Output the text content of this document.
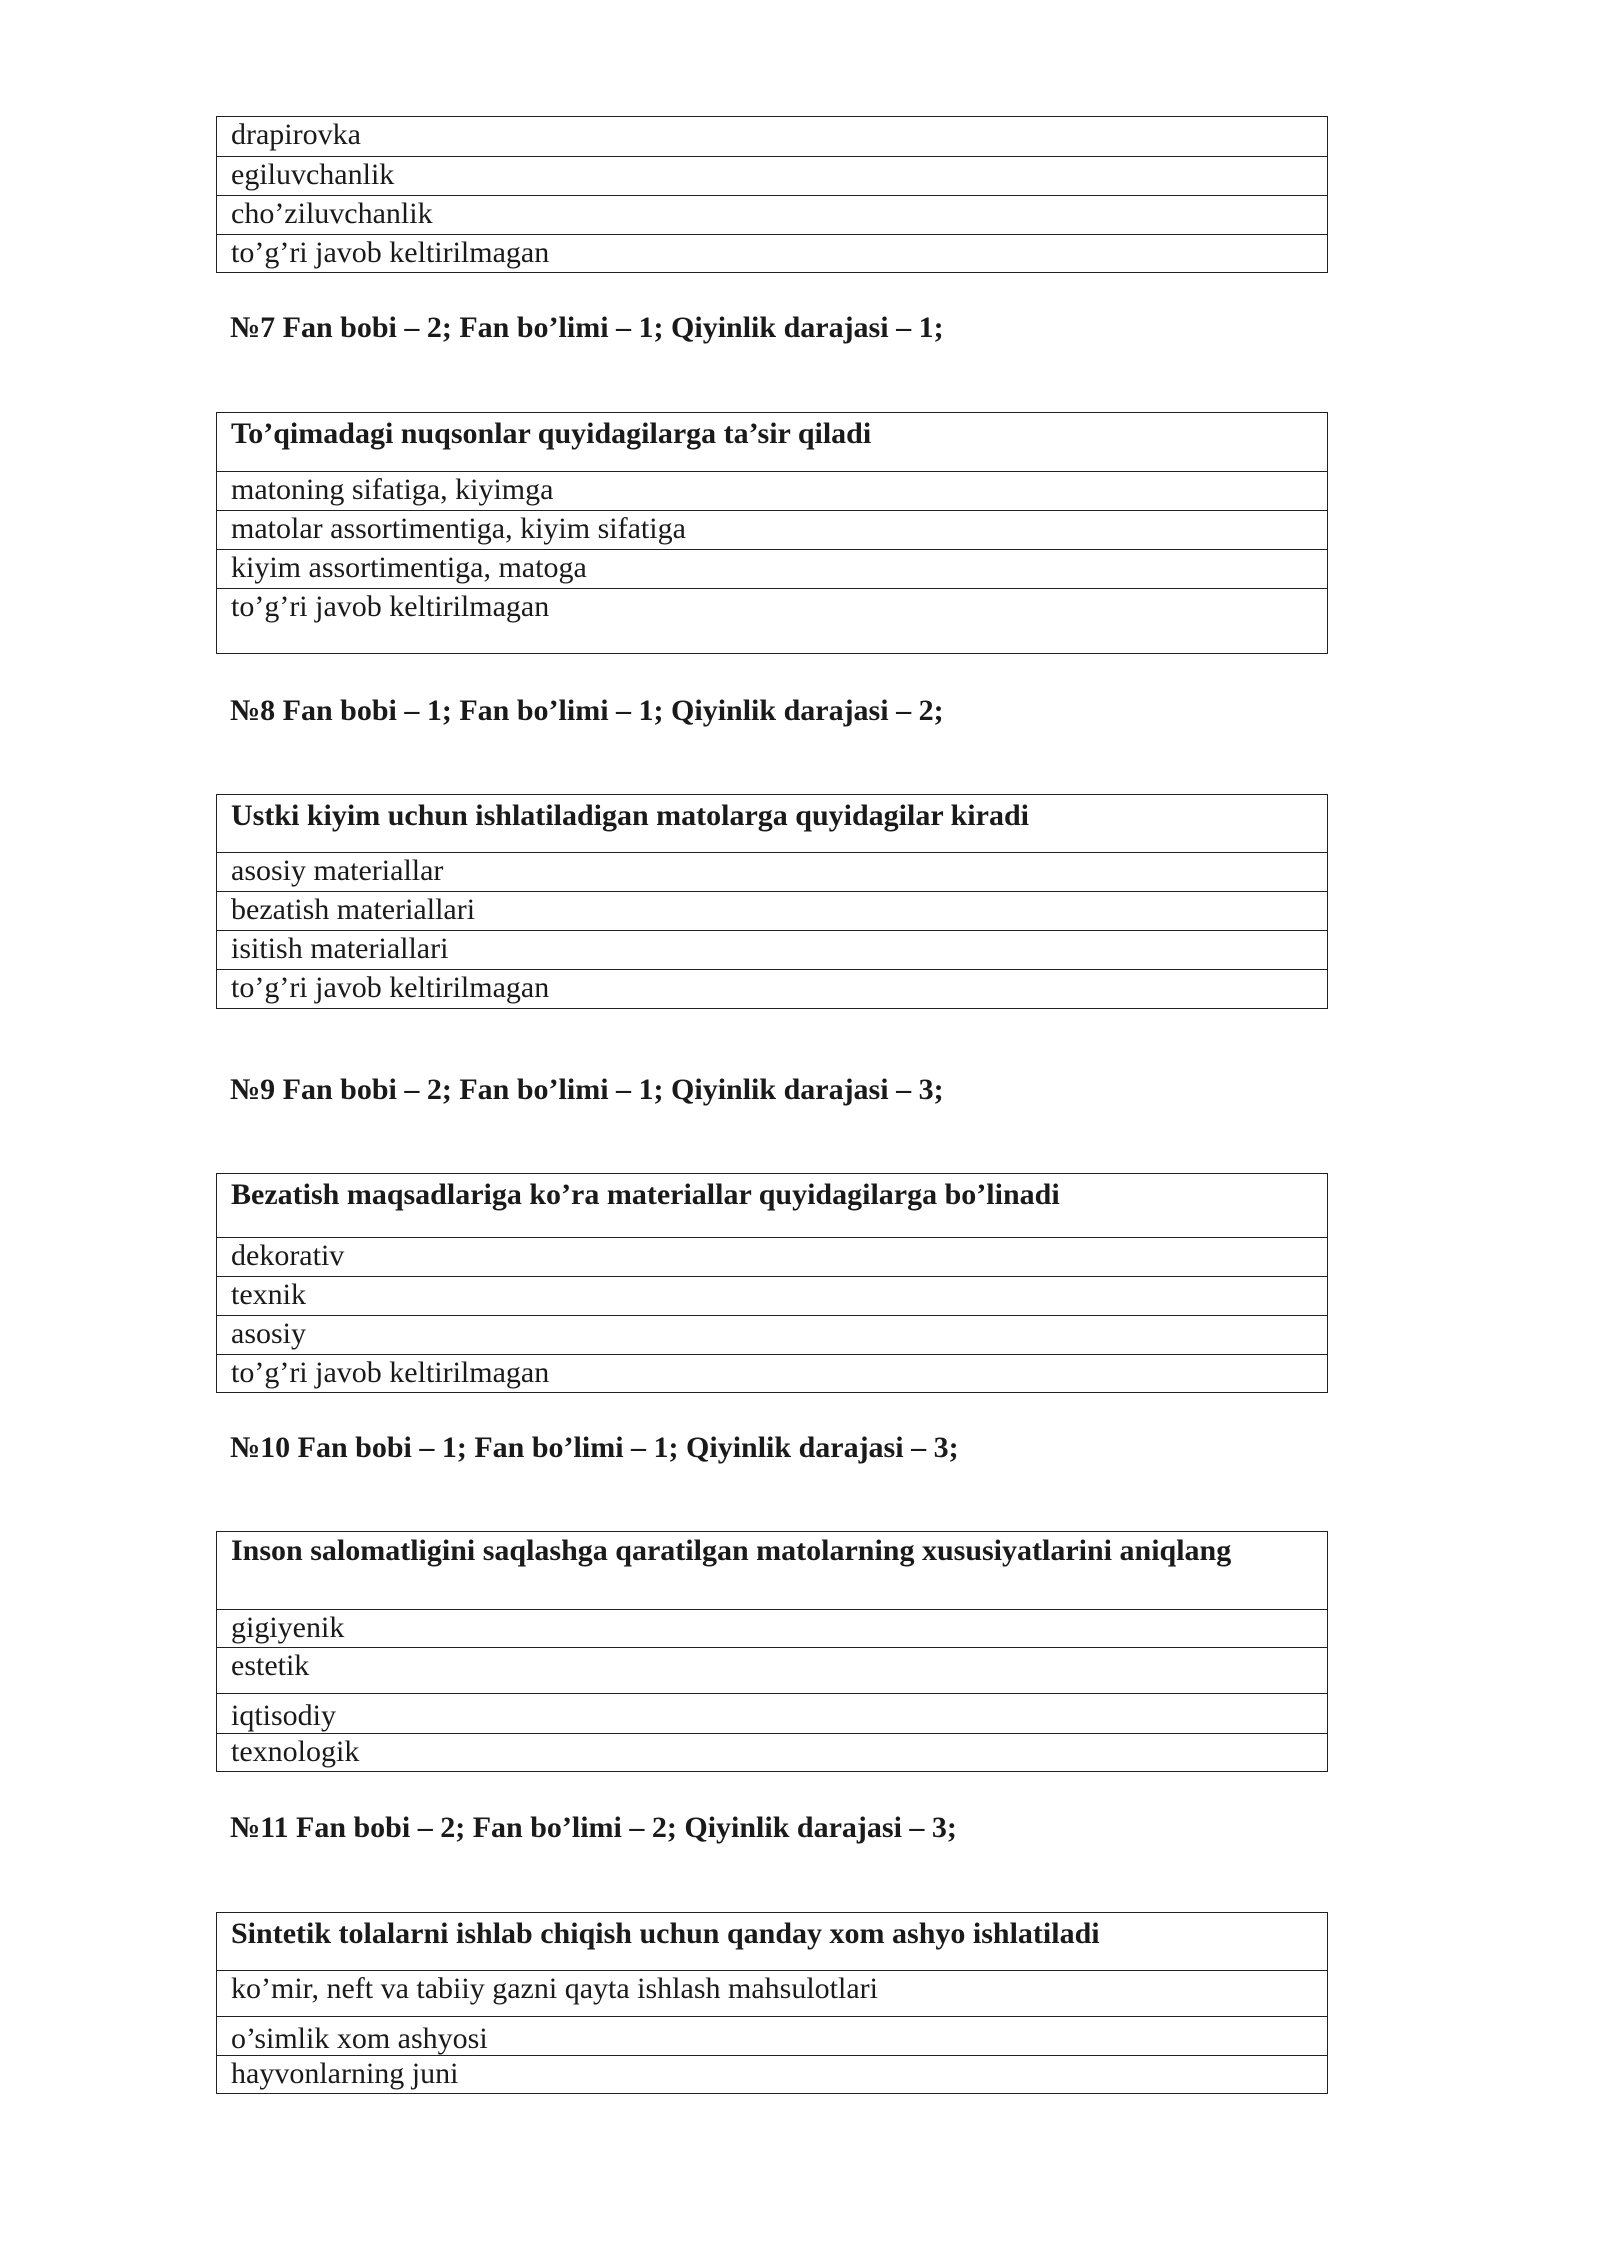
drapirovka
egiluvchanlik
cho’ziluvchanlik
to’g’ri javob keltirilmagan
№7 Fan bobi – 2; Fan bo’limi – 1; Qiyinlik darajasi – 1;
To’qimadagi nuqsonlar quyidagilarga ta’sir qiladi
matoning sifatiga, kiyimga
matolar assortimentiga, kiyim sifatiga
kiyim assortimentiga, matoga
to’g’ri javob keltirilmagan
№8 Fan bobi – 1; Fan bo’limi – 1; Qiyinlik darajasi – 2;
Ustki kiyim uchun ishlatiladigan matolarga quyidagilar kiradi
asosiy materiallar
bezatish materiallari
isitish materiallari
to’g’ri javob keltirilmagan
№9 Fan bobi – 2; Fan bo’limi – 1; Qiyinlik darajasi – 3;
Bezatish maqsadlariga ko’ra materiallar quyidagilarga bo’linadi
dekorativ
texnik
asosiy
to’g’ri javob keltirilmagan
№10 Fan bobi – 1; Fan bo’limi – 1; Qiyinlik darajasi – 3;
Inson salomatligini saqlashga qaratilgan matolarning xususiyatlarini aniqlang
gigiyenik
estetik
iqtisodiy
texnologik
№11 Fan bobi – 2; Fan bo’limi – 2; Qiyinlik darajasi – 3;
Sintetik tolalarni ishlab chiqish uchun qanday xom ashyo ishlatiladi
ko’mir, neft va tabiiy gazni qayta ishlash mahsulotlari
o’simlik xom ashyosi
hayvonlarning juni
